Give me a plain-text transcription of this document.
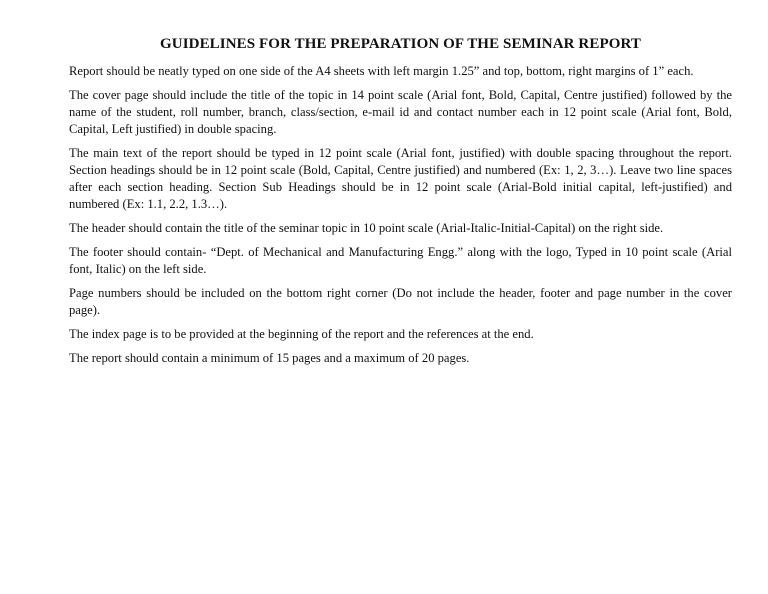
GUIDELINES FOR THE PREPARATION OF THE SEMINAR REPORT

Report should be neatly typed on one side of the A4 sheets with left margin 1.25” and top, bottom, right margins of 1” each.

The cover page should include the title of the topic in 14 point scale (Arial font, Bold, Capital, Centre justified) followed by the name of the student, roll number, branch, class/section, e-mail id and contact number each in 12 point scale (Arial font, Bold, Capital, Left justified) in double spacing.

The main text of the report should be typed in 12 point scale (Arial font, justified) with double spacing throughout the report. Section headings should be in 12 point scale (Bold, Capital, Centre justified) and numbered (Ex: 1, 2, 3…). Leave two line spaces after each section heading. Section Sub Headings should be in 12 point scale (Arial-Bold initial capital, left-justified) and numbered (Ex: 1.1, 2.2, 1.3…).

The header should contain the title of the seminar topic in 10 point scale (Arial-Italic-Initial-Capital) on the right side.

The footer should contain- “Dept. of Mechanical and Manufacturing Engg.” along with the logo, Typed in 10 point scale (Arial font, Italic) on the left side.

Page numbers should be included on the bottom right corner (Do not include the header, footer and page number in the cover page).

The index page is to be provided at the beginning of the report and the references at the end.

The report should contain a minimum of 15 pages and a maximum of 20 pages.
